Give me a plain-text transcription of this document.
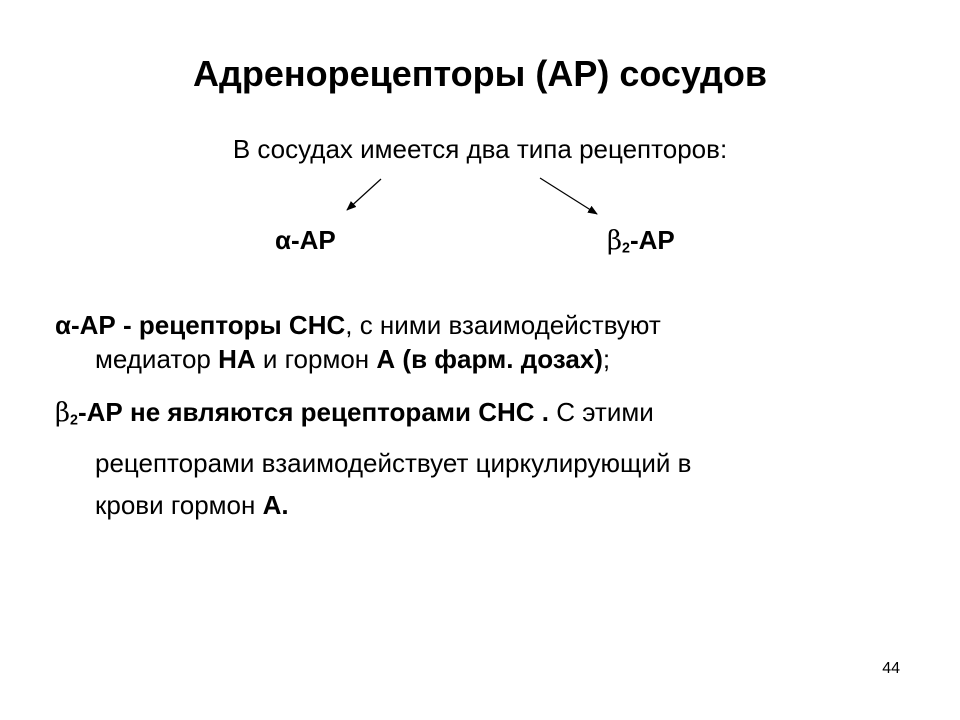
Адренорецепторы (АР) сосудов

В сосудах имеется два типа рецепторов:

α-АР	$\beta_2-АР$
α-АР - рецепторы СНС, с ними взаимодействуют
медиатор НА и гормон А (в фарм. дозах);
$\beta_2-АР$ не являются рецепторами СНС . С этими
рецепторами взаимодействует циркулирующий в
крови гормон А.
44
